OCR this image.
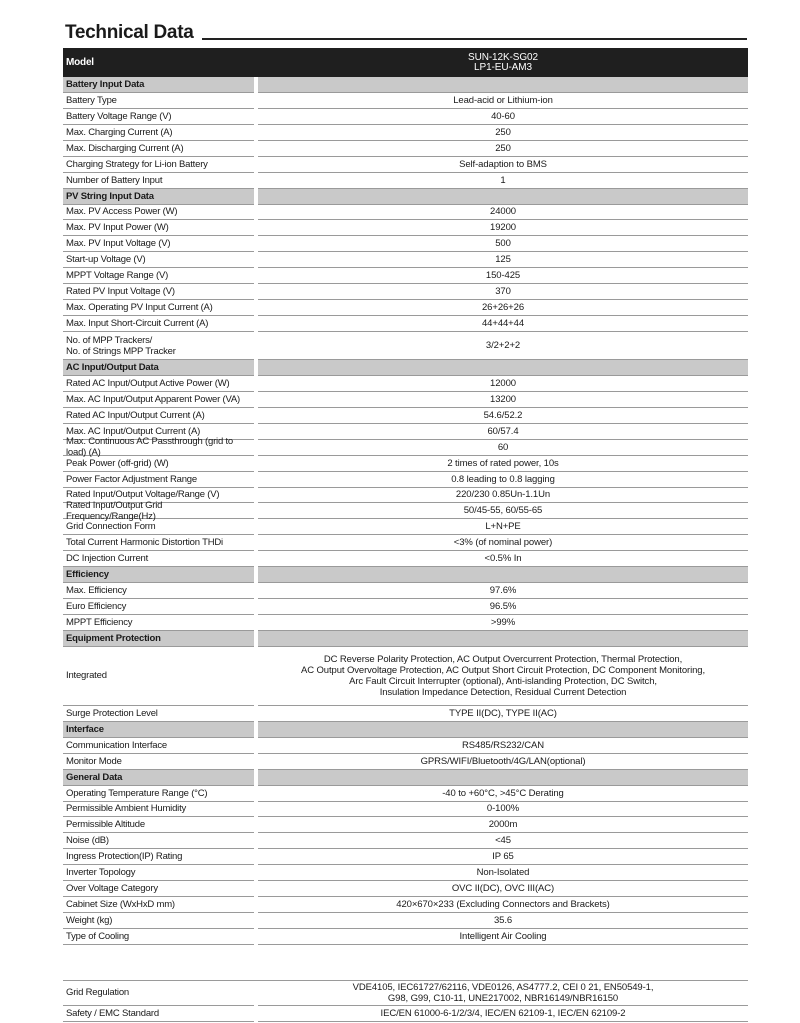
Technical Data
Model	SUN-12K-SG02
LP1-EU-AM3
Battery Input Data
Battery Type	Lead-acid or Lithium-ion
Battery Voltage Range (V)	40-60
Max. Charging Current (A)	250
Max. Discharging Current (A)	250
Charging Strategy for Li-ion Battery	Self-adaption to BMS
Number of Battery Input	1
PV String Input Data
Max. PV Access Power (W)	24000
Max. PV Input Power (W)	19200
Max. PV Input Voltage (V)	500
Start-up Voltage (V)	125
MPPT Voltage Range (V)	150-425
Rated PV Input Voltage (V)	370
Max. Operating PV Input Current (A)	26+26+26
Max. Input Short-Circuit Current (A)	44+44+44
No. of MPP Trackers/
No. of Strings MPP Tracker	3/2+2+2
AC Input/Output Data
Rated AC Input/Output Active Power (W)	12000
Max. AC Input/Output Apparent Power (VA)	13200
Rated AC Input/Output Current (A)	54.6/52.2
Max. AC Input/Output Current (A)	60/57.4
Max. Continuous AC Passthrough (grid to load) (A)	60
Peak Power (off-grid) (W)	2 times of rated power, 10s
Power Factor Adjustment Range	0.8 leading to 0.8 lagging
Rated Input/Output Voltage/Range (V)	220/230 0.85Un-1.1Un
Rated Input/Output Grid Frequency/Range(Hz)	50/45-55, 60/55-65
Grid Connection Form	L+N+PE
Total Current Harmonic Distortion THDi	<3% (of nominal power)
DC Injection Current	<0.5% In
Efficiency
Max. Efficiency	97.6%
Euro Efficiency	96.5%
MPPT Efficiency	>99%
Equipment Protection
Integrated
DC Reverse Polarity Protection, AC Output Overcurrent Protection, Thermal Protection,
AC Output Overvoltage Protection, AC Output Short Circuit Protection, DC Component Monitoring,
Arc Fault Circuit Interrupter (optional), Anti-islanding Protection, DC Switch,
Insulation Impedance Detection, Residual Current Detection
Surge Protection Level	TYPE II(DC), TYPE II(AC)
Interface
Communication Interface	RS485/RS232/CAN
Monitor Mode	GPRS/WIFI/Bluetooth/4G/LAN(optional)
General Data
Operating Temperature Range (°C)	-40 to +60°C, >45°C Derating
Permissible Ambient Humidity	0-100%
Permissible Altitude	2000m
Noise (dB)	<45
Ingress Protection(IP) Rating	IP 65
Inverter Topology	Non-Isolated
Over Voltage Category	OVC II(DC), OVC III(AC)
Cabinet Size (WxHxD mm)	420×670×233 (Excluding Connectors and Brackets)
Weight (kg)	35.6
Type of Cooling	Intelligent Air Cooling
Grid Regulation	VDE4105, IEC61727/62116, VDE0126, AS4777.2, CEI 0 21, EN50549-1,
G98, G99, C10-11, UNE217002, NBR16149/NBR16150
Safety / EMC Standard	IEC/EN 61000-6-1/2/3/4, IEC/EN 62109-1, IEC/EN 62109-2
